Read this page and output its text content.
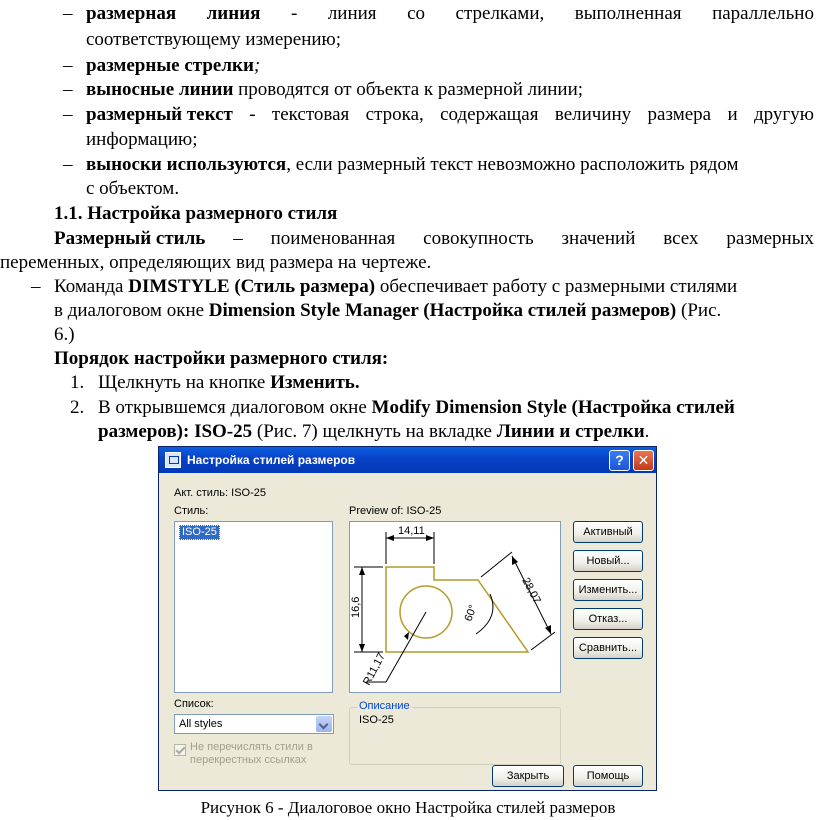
– размерная линия - линия со стрелками, выполненная параллельно
соответствующему измерению;
– размерные стрелки;
– выносные линии проводятся от объекта к размерной линии;
– размерный текст - текстовая строка, содержащая величину размера и другую
информацию;
– выноски используются, если размерный текст невозможно расположить рядом
с объектом.
1.1. Настройка размерного стиля
Размерный стиль – поименованная совокупность значений всех размерных
переменных, определяющих вид размера на чертеже.
– Команда DIMSTYLE (Стиль размера) обеспечивает работу с размерными стилями
в диалоговом окне Dimension Style Manager (Настройка стилей размеров) (Рис.
6.)
Порядок настройки размерного стиля:
1. Щелкнуть на кнопке Изменить.
2. В открывшемся диалоговом окне Modify Dimension Style (Настройка стилей
размеров): ISO-25 (Рис. 7) щелкнуть на вкладке Линии и стрелки.
Настройка стилей размеров	? ✕
Акт. стиль: ISO-25
Стиль:	Preview of: ISO-25
ISO-25	14,11
16,6
28,07
60°
R11,17
Активный
Новый...
Изменить...
Отказ...
Сравнить...
Список:
All styles
Не перечислять стили в перекрестных ссылках
Описание
ISO-25
Закрыть	Помощь
Рисунок 6 - Диалоговое окно Настройка стилей размеров
